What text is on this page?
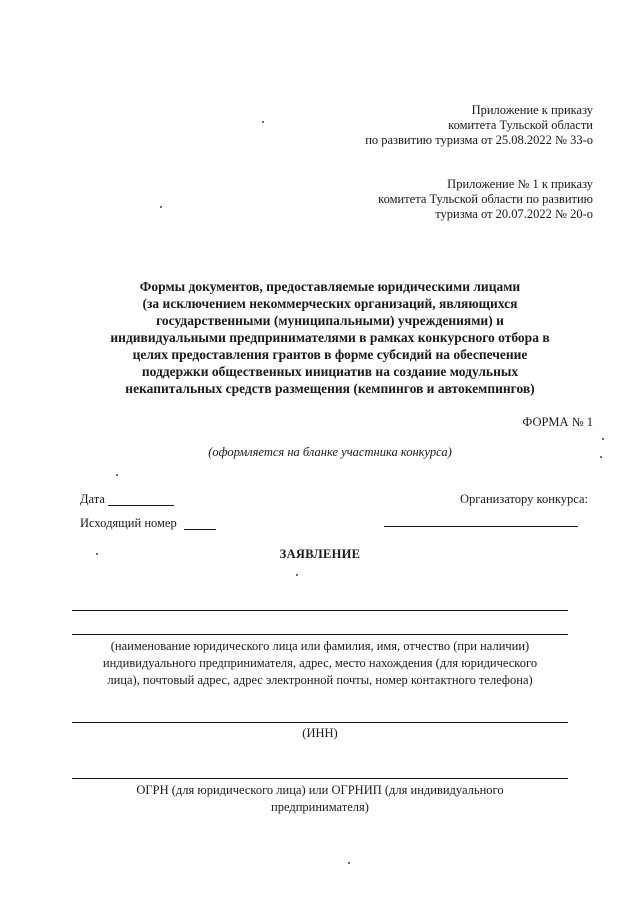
Приложение к приказу
комитета Тульской области
по развитию туризма от 25.08.2022 № 33-о
Приложение № 1 к приказу
комитета Тульской области по развитию
туризма от 20.07.2022 № 20-о
Формы документов, предоставляемые юридическими лицами
(за исключением некоммерческих организаций, являющихся
государственными (муниципальными) учреждениями) и
индивидуальными предпринимателями в рамках конкурсного отбора в
целях предоставления грантов в форме субсидий на обеспечение
поддержки общественных инициатив на создание модульных
некапитальных средств размещения (кемпингов и автокемпингов)
ФОРМА № 1
(оформляется на бланке участника конкурса)
Дата	Организатору конкурса:
Исходящий номер
ЗАЯВЛЕНИЕ
(наименование юридического лица или фамилия, имя, отчество (при наличии)
индивидуального предпринимателя, адрес, место нахождения (для юридического
лица), почтовый адрес, адрес электронной почты, номер контактного телефона)
(ИНН)
ОГРН (для юридического лица) или ОГРНИП (для индивидуального
предпринимателя)
